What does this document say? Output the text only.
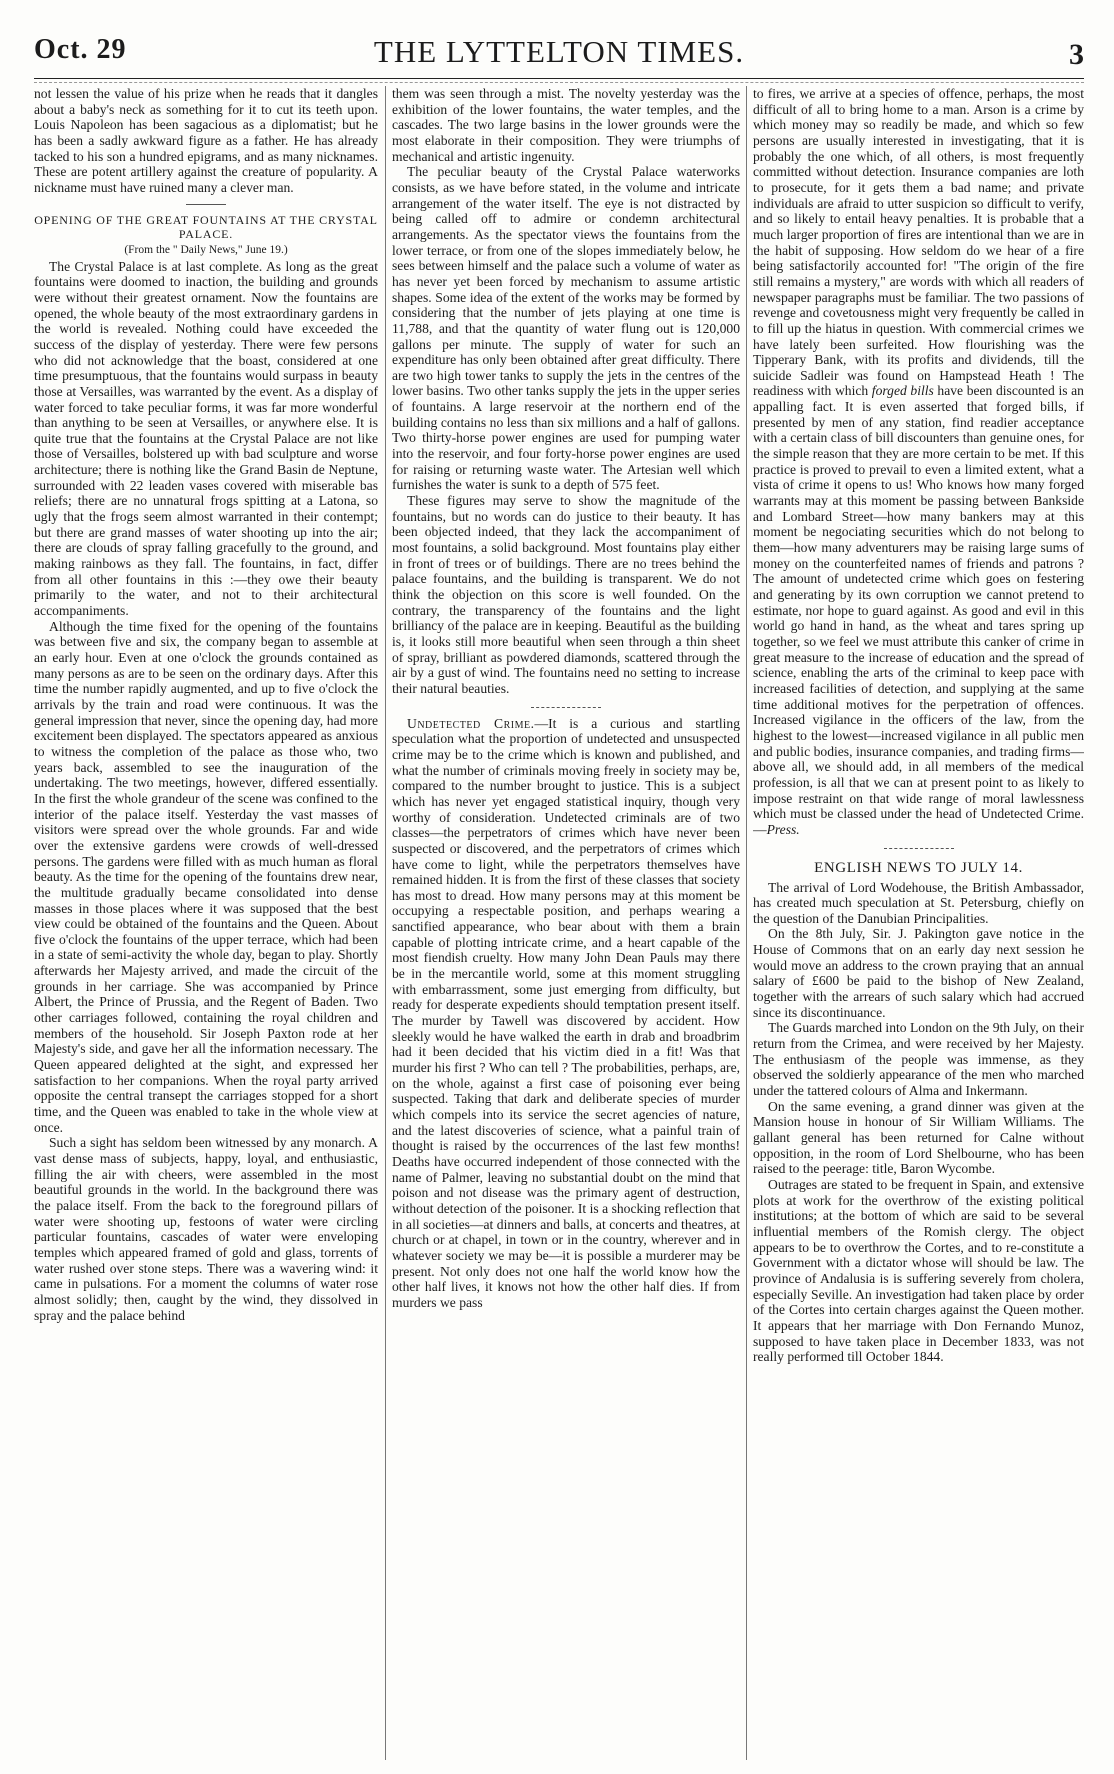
Oct. 29	THE LYTTELTON TIMES.	3

not lessen the value of his prize when he reads that it dangles about a baby's neck as something for it to cut its teeth upon. Louis Napoleon has been sagacious as a diplomatist; but he has been a sadly awkward figure as a father. He has already tacked to his son a hundred epigrams, and as many nicknames. These are potent artillery against the creature of popularity. A nickname must have ruined many a clever man.

OPENING OF THE GREAT FOUNTAINS AT THE CRYSTAL PALACE.
(From the " Daily News," June 19.)

The Crystal Palace is at last complete. As long as the great fountains were doomed to inaction, the building and grounds were without their greatest ornament. Now the fountains are opened, the whole beauty of the most extraordinary gardens in the world is revealed. Nothing could have exceeded the success of the display of yesterday. There were few persons who did not acknowledge that the boast, considered at one time presumptuous, that the fountains would surpass in beauty those at Versailles, was warranted by the event. As a display of water forced to take peculiar forms, it was far more wonderful than anything to be seen at Versailles, or anywhere else. It is quite true that the fountains at the Crystal Palace are not like those of Versailles, bolstered up with bad sculpture and worse architecture; there is nothing like the Grand Basin de Neptune, surrounded with 22 leaden vases covered with miserable bas reliefs; there are no unnatural frogs spitting at a Latona, so ugly that the frogs seem almost warranted in their contempt; but there are grand masses of water shooting up into the air; there are clouds of spray falling gracefully to the ground, and making rainbows as they fall. The fountains, in fact, differ from all other fountains in this :—they owe their beauty primarily to the water, and not to their architectural accompaniments.

Although the time fixed for the opening of the fountains was between five and six, the company began to assemble at an early hour. Even at one o'clock the grounds contained as many persons as are to be seen on the ordinary days. After this time the number rapidly augmented, and up to five o'clock the arrivals by the train and road were continuous. It was the general impression that never, since the opening day, had more excitement been displayed. The spectators appeared as anxious to witness the completion of the palace as those who, two years back, assembled to see the inauguration of the undertaking. The two meetings, however, differed essentially. In the first the whole grandeur of the scene was confined to the interior of the palace itself. Yesterday the vast masses of visitors were spread over the whole grounds. Far and wide over the extensive gardens were crowds of well-dressed persons. The gardens were filled with as much human as floral beauty. As the time for the opening of the fountains drew near, the multitude gradually became consolidated into dense masses in those places where it was supposed that the best view could be obtained of the fountains and the Queen. About five o'clock the fountains of the upper terrace, which had been in a state of semi-activity the whole day, began to play. Shortly afterwards her Majesty arrived, and made the circuit of the grounds in her carriage. She was accompanied by Prince Albert, the Prince of Prussia, and the Regent of Baden. Two other carriages followed, containing the royal children and members of the household. Sir Joseph Paxton rode at her Majesty's side, and gave her all the information necessary. The Queen appeared delighted at the sight, and expressed her satisfaction to her companions. When the royal party arrived opposite the central transept the carriages stopped for a short time, and the Queen was enabled to take in the whole view at once.

Such a sight has seldom been witnessed by any monarch. A vast dense mass of subjects, happy, loyal, and enthusiastic, filling the air with cheers, were assembled in the most beautiful grounds in the world. In the background there was the palace itself. From the back to the foreground pillars of water were shooting up, festoons of water were circling particular fountains, cascades of water were enveloping temples which appeared framed of gold and glass, torrents of water rushed over stone steps. There was a wavering wind: it came in pulsations. For a moment the columns of water rose almost solidly; then, caught by the wind, they dissolved in spray and the palace behind

them was seen through a mist. The novelty yesterday was the exhibition of the lower fountains, the water temples, and the cascades. The two large basins in the lower grounds were the most elaborate in their composition. They were triumphs of mechanical and artistic ingenuity.

The peculiar beauty of the Crystal Palace waterworks consists, as we have before stated, in the volume and intricate arrangement of the water itself. The eye is not distracted by being called off to admire or condemn architectural arrangements. As the spectator views the fountains from the lower terrace, or from one of the slopes immediately below, he sees between himself and the palace such a volume of water as has never yet been forced by mechanism to assume artistic shapes. Some idea of the extent of the works may be formed by considering that the number of jets playing at one time is 11,788, and that the quantity of water flung out is 120,000 gallons per minute. The supply of water for such an expenditure has only been obtained after great difficulty. There are two high tower tanks to supply the jets in the centres of the lower basins. Two other tanks supply the jets in the upper series of fountains. A large reservoir at the northern end of the building contains no less than six millions and a half of gallons. Two thirty-horse power engines are used for pumping water into the reservoir, and four forty-horse power engines are used for raising or returning waste water. The Artesian well which furnishes the water is sunk to a depth of 575 feet.

These figures may serve to show the magnitude of the fountains, but no words can do justice to their beauty. It has been objected indeed, that they lack the accompaniment of most fountains, a solid background. Most fountains play either in front of trees or of buildings. There are no trees behind the palace fountains, and the building is transparent. We do not think the objection on this score is well founded. On the contrary, the transparency of the fountains and the light brilliancy of the palace are in keeping. Beautiful as the building is, it looks still more beautiful when seen through a thin sheet of spray, brilliant as powdered diamonds, scattered through the air by a gust of wind. The fountains need no setting to increase their natural beauties.

Undetected Crime.—It is a curious and startling speculation what the proportion of undetected and unsuspected crime may be to the crime which is known and published, and what the number of criminals moving freely in society may be, compared to the number brought to justice. This is a subject which has never yet engaged statistical inquiry, though very worthy of consideration. Undetected criminals are of two classes—the perpetrators of crimes which have never been suspected or discovered, and the perpetrators of crimes which have come to light, while the perpetrators themselves have remained hidden. It is from the first of these classes that society has most to dread. How many persons may at this moment be occupying a respectable position, and perhaps wearing a sanctified appearance, who bear about with them a brain capable of plotting intricate crime, and a heart capable of the most fiendish cruelty. How many John Dean Pauls may there be in the mercantile world, some at this moment struggling with embarrassment, some just emerging from difficulty, but ready for desperate expedients should temptation present itself. The murder by Tawell was discovered by accident. How sleekly would he have walked the earth in drab and broadbrim had it been decided that his victim died in a fit! Was that murder his first ? Who can tell ? The probabilities, perhaps, are, on the whole, against a first case of poisoning ever being suspected. Taking that dark and deliberate species of murder which compels into its service the secret agencies of nature, and the latest discoveries of science, what a painful train of thought is raised by the occurrences of the last few months! Deaths have occurred independent of those connected with the name of Palmer, leaving no substantial doubt on the mind that poison and not disease was the primary agent of destruction, without detection of the poisoner. It is a shocking reflection that in all societies—at dinners and balls, at concerts and theatres, at church or at chapel, in town or in the country, wherever and in whatever society we may be—it is possible a murderer may be present. Not only does not one half the world know how the other half lives, it knows not how the other half dies. If from murders we pass

to fires, we arrive at a species of offence, perhaps, the most difficult of all to bring home to a man. Arson is a crime by which money may so readily be made, and which so few persons are usually interested in investigating, that it is probably the one which, of all others, is most frequently committed without detection. Insurance companies are loth to prosecute, for it gets them a bad name; and private individuals are afraid to utter suspicion so difficult to verify, and so likely to entail heavy penalties. It is probable that a much larger proportion of fires are intentional than we are in the habit of supposing. How seldom do we hear of a fire being satisfactorily accounted for! "The origin of the fire still remains a mystery," are words with which all readers of newspaper paragraphs must be familiar. The two passions of revenge and covetousness might very frequently be called in to fill up the hiatus in question. With commercial crimes we have lately been surfeited. How flourishing was the Tipperary Bank, with its profits and dividends, till the suicide Sadleir was found on Hampstead Heath ! The readiness with which forged bills have been discounted is an appalling fact. It is even asserted that forged bills, if presented by men of any station, find readier acceptance with a certain class of bill discounters than genuine ones, for the simple reason that they are more certain to be met. If this practice is proved to prevail to even a limited extent, what a vista of crime it opens to us! Who knows how many forged warrants may at this moment be passing between Bankside and Lombard Street—how many bankers may at this moment be negociating securities which do not belong to them—how many adventurers may be raising large sums of money on the counterfeited names of friends and patrons ? The amount of undetected crime which goes on festering and generating by its own corruption we cannot pretend to estimate, nor hope to guard against. As good and evil in this world go hand in hand, as the wheat and tares spring up together, so we feel we must attribute this canker of crime in great measure to the increase of education and the spread of science, enabling the arts of the criminal to keep pace with increased facilities of detection, and supplying at the same time additional motives for the perpetration of offences. Increased vigilance in the officers of the law, from the highest to the lowest—increased vigilance in all public men and public bodies, insurance companies, and trading firms—above all, we should add, in all members of the medical profession, is all that we can at present point to as likely to impose restraint on that wide range of moral lawlessness which must be classed under the head of Undetected Crime.—Press.

ENGLISH NEWS TO JULY 14.

The arrival of Lord Wodehouse, the British Ambassador, has created much speculation at St. Petersburg, chiefly on the question of the Danubian Principalities.

On the 8th July, Sir. J. Pakington gave notice in the House of Commons that on an early day next session he would move an address to the crown praying that an annual salary of £600 be paid to the bishop of New Zealand, together with the arrears of such salary which had accrued since its discontinuance.

The Guards marched into London on the 9th July, on their return from the Crimea, and were received by her Majesty. The enthusiasm of the people was immense, as they observed the soldierly appearance of the men who marched under the tattered colours of Alma and Inkermann.

On the same evening, a grand dinner was given at the Mansion house in honour of Sir William Williams. The gallant general has been returned for Calne without opposition, in the room of Lord Shelbourne, who has been raised to the peerage: title, Baron Wycombe.

Outrages are stated to be frequent in Spain, and extensive plots at work for the overthrow of the existing political institutions; at the bottom of which are said to be several influential members of the Romish clergy. The object appears to be to overthrow the Cortes, and to re-constitute a Government with a dictator whose will should be law. The province of Andalusia is is suffering severely from cholera, especially Seville. An investigation had taken place by order of the Cortes into certain charges against the Queen mother. It appears that her marriage with Don Fernando Munoz, supposed to have taken place in December 1833, was not really performed till October 1844.
